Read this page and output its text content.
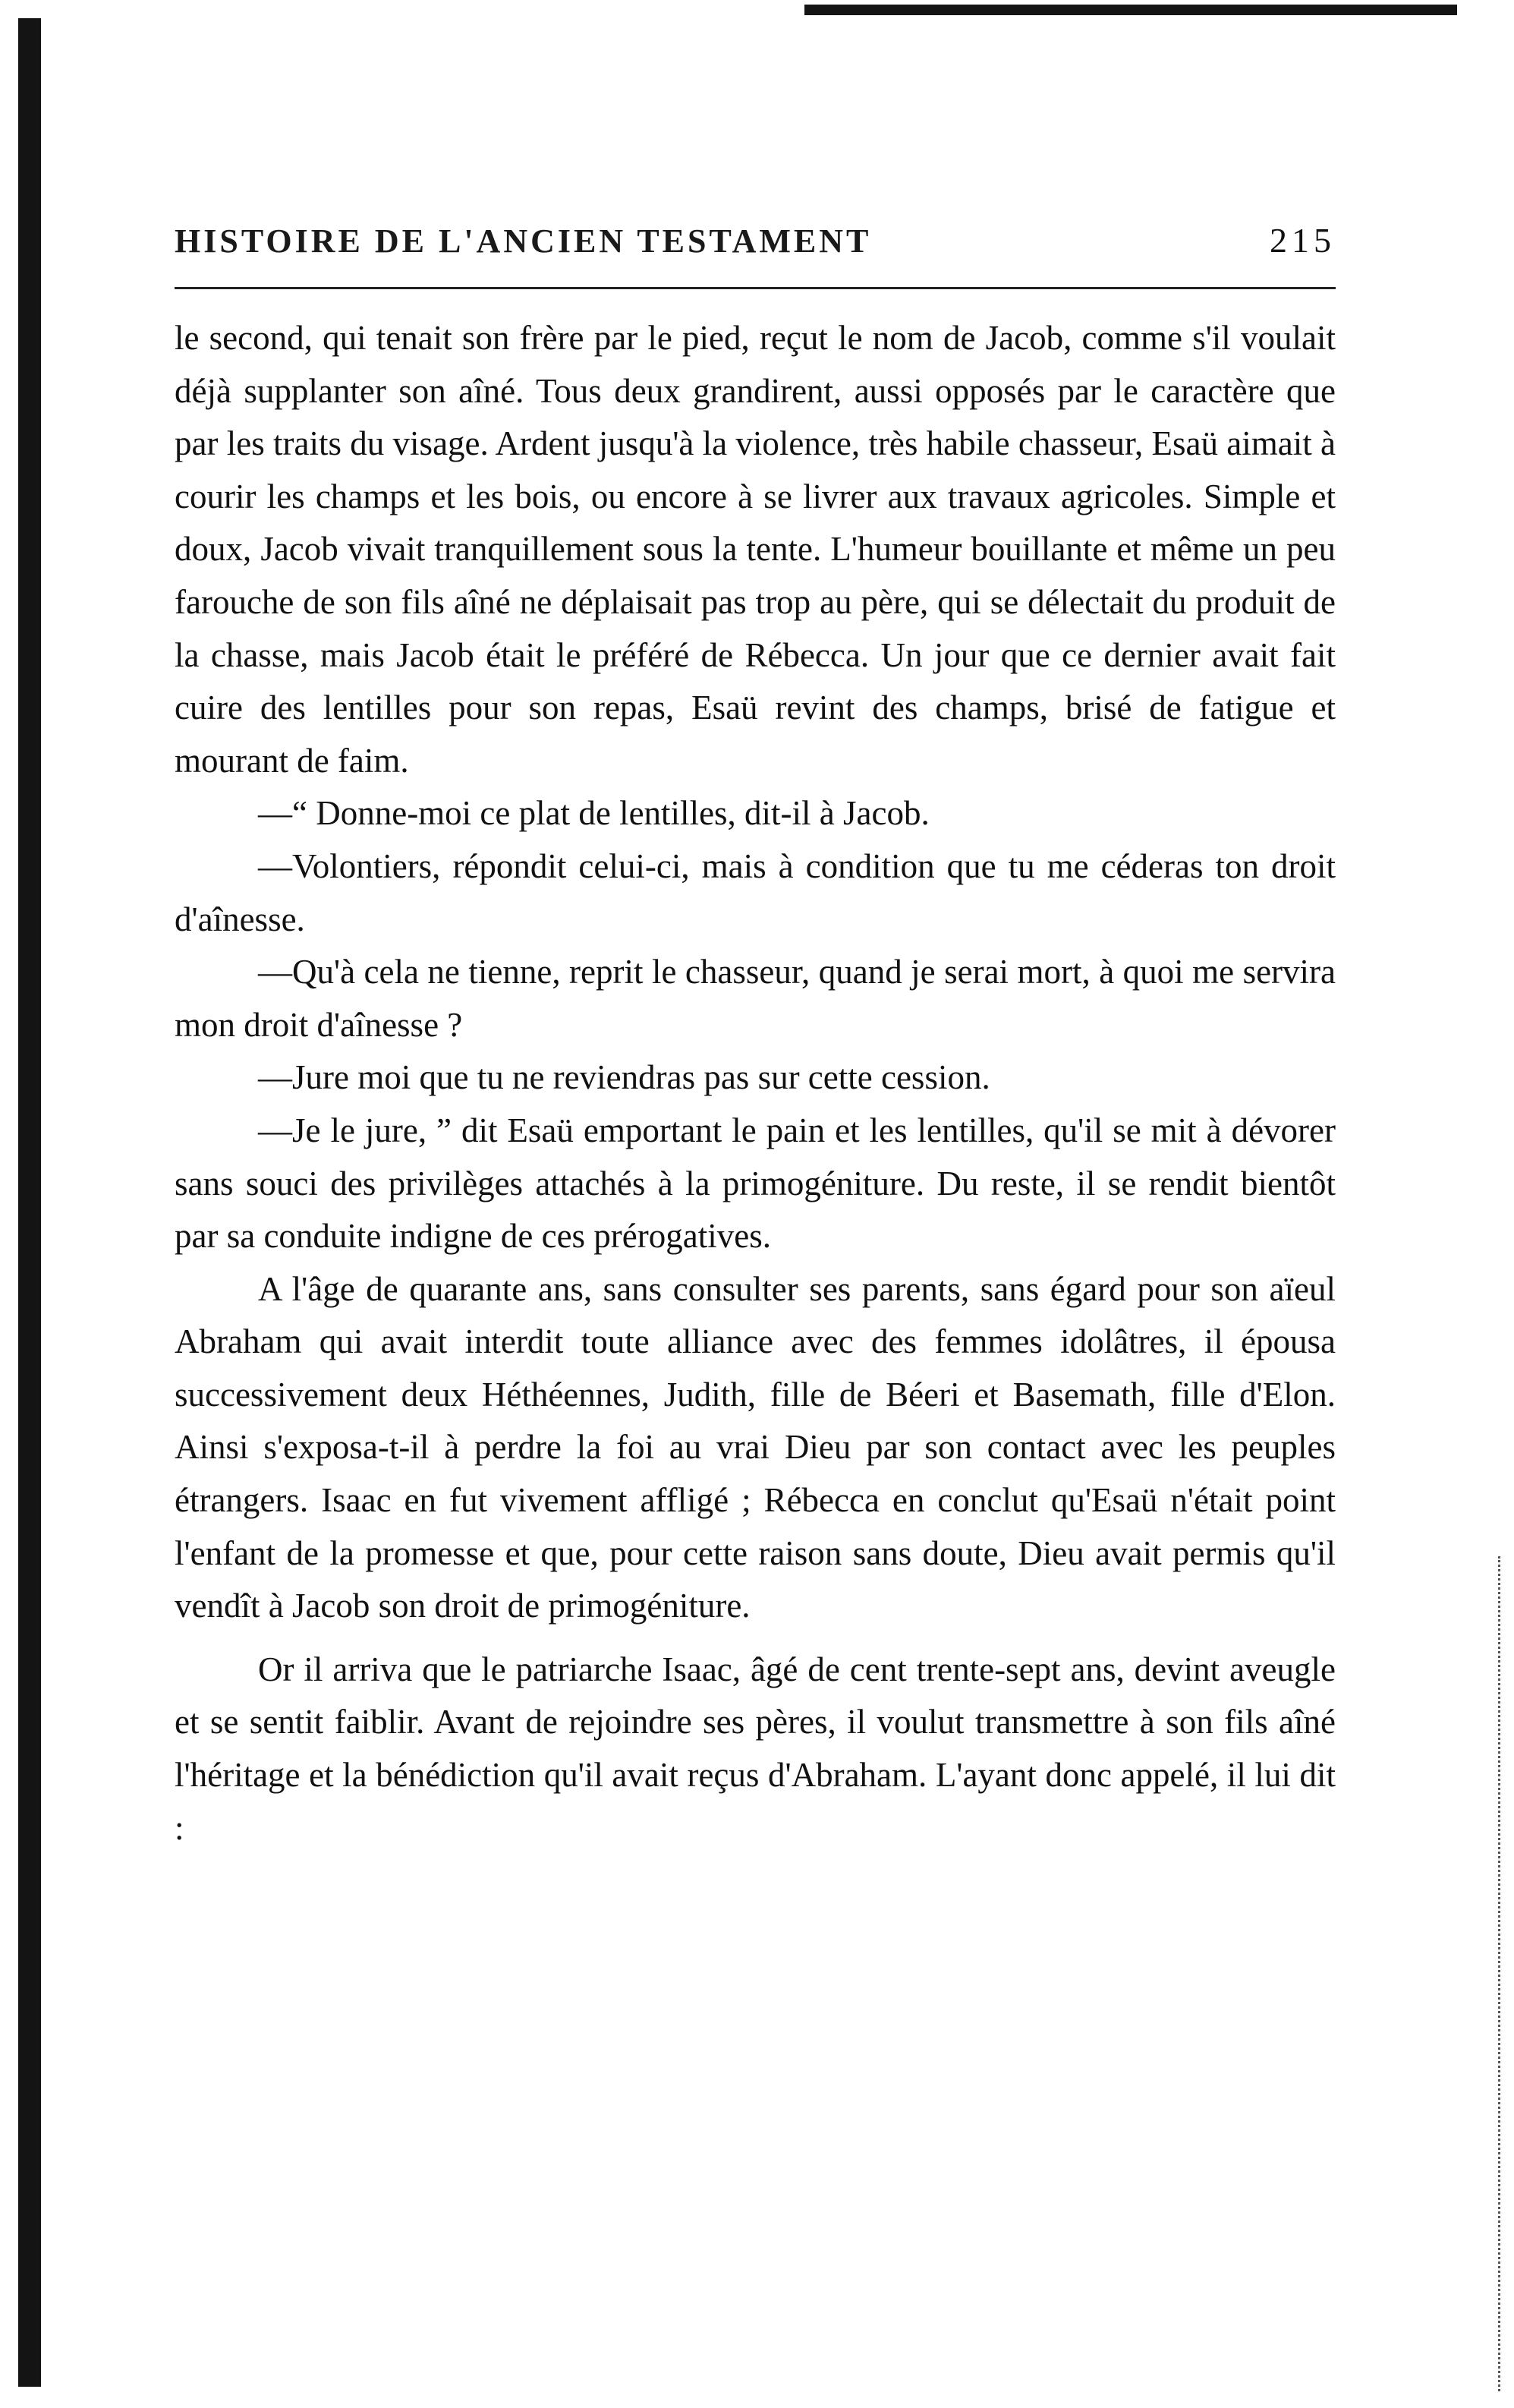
HISTOIRE DE L'ANCIEN TESTAMENT	215

le second, qui tenait son frère par le pied, reçut le nom de Jacob, comme s'il voulait déjà supplanter son aîné. Tous deux grandirent, aussi opposés par le caractère que par les traits du visage. Ardent jusqu'à la violence, très habile chasseur, Esaü aimait à courir les champs et les bois, ou encore à se livrer aux travaux agricoles. Simple et doux, Jacob vivait tranquillement sous la tente. L'humeur bouillante et même un peu farouche de son fils aîné ne déplaisait pas trop au père, qui se délectait du produit de la chasse, mais Jacob était le préféré de Rébecca. Un jour que ce dernier avait fait cuire des lentilles pour son repas, Esaü revint des champs, brisé de fatigue et mourant de faim.

—“ Donne-moi ce plat de lentilles, dit-il à Jacob.

—Volontiers, répondit celui-ci, mais à condition que tu me céderas ton droit d'aînesse.

—Qu'à cela ne tienne, reprit le chasseur, quand je serai mort, à quoi me servira mon droit d'aînesse ?

—Jure moi que tu ne reviendras pas sur cette cession.

—Je le jure, ” dit Esaü emportant le pain et les lentilles, qu'il se mit à dévorer sans souci des privilèges attachés à la primogéniture. Du reste, il se rendit bientôt par sa conduite indigne de ces prérogatives.

A l'âge de quarante ans, sans consulter ses parents, sans égard pour son aïeul Abraham qui avait interdit toute alliance avec des femmes idolâtres, il épousa successivement deux Héthéennes, Judith, fille de Béeri et Basemath, fille d'Elon. Ainsi s'exposa-t-il à perdre la foi au vrai Dieu par son contact avec les peuples étrangers. Isaac en fut vivement affligé ; Rébecca en conclut qu'Esaü n'était point l'enfant de la promesse et que, pour cette raison sans doute, Dieu avait permis qu'il vendît à Jacob son droit de primogéniture.

Or il arriva que le patriarche Isaac, âgé de cent trente-sept ans, devint aveugle et se sentit faiblir. Avant de rejoindre ses pères, il voulut transmettre à son fils aîné l'héritage et la bénédiction qu'il avait reçus d'Abraham. L'ayant donc appelé, il lui dit :
